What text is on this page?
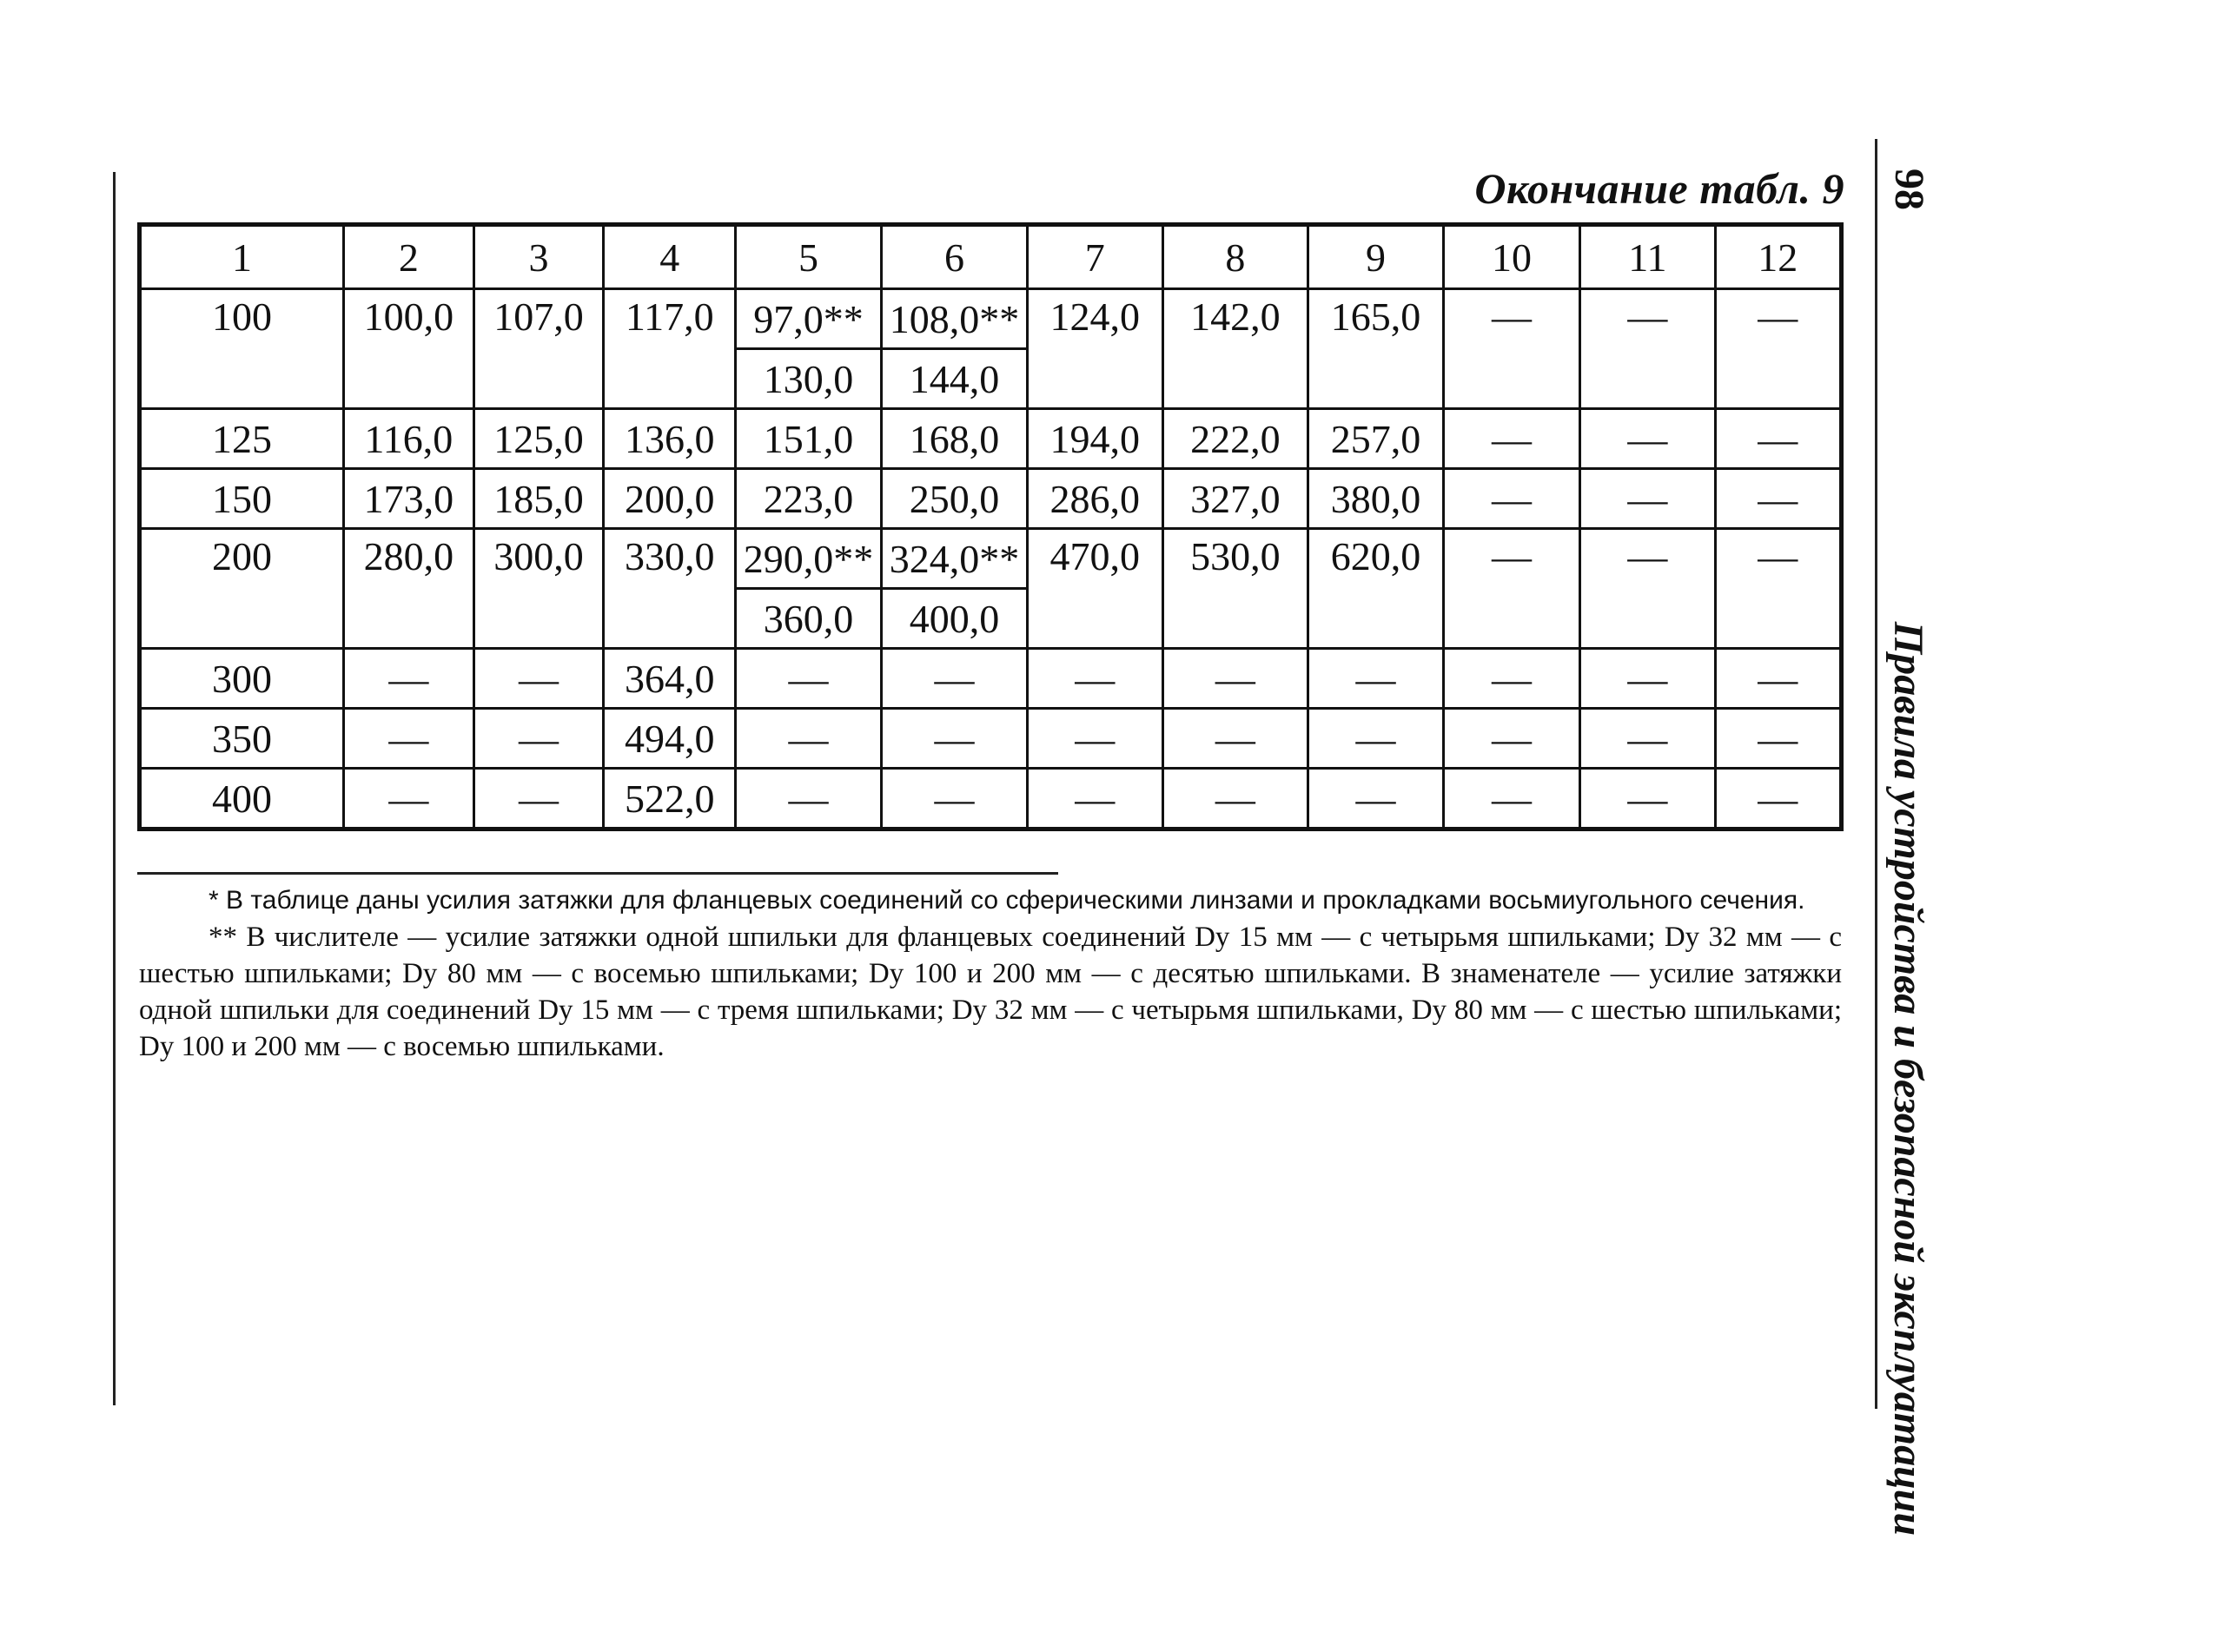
Окончание табл. 9
1	2	3	4	5	6	7	8	9	10	11	12
100	100,0	107,0	117,0	97,0**	108,0**	124,0	142,0	165,0	—	—	—
				130,0	144,0						
125	116,0	125,0	136,0	151,0	168,0	194,0	222,0	257,0	—	—	—
150	173,0	185,0	200,0	223,0	250,0	286,0	327,0	380,0	—	—	—
200	280,0	300,0	330,0	290,0**	324,0**	470,0	530,0	620,0	—	—	—
				360,0	400,0						
300	—	—	364,0	—	—	—	—	—	—	—	—
350	—	—	494,0	—	—	—	—	—	—	—	—
400	—	—	522,0	—	—	—	—	—	—	—	—

* В таблице даны усилия затяжки для фланцевых соединений со сферическими линзами и прокладками восьмиугольного сечения.

** В числителе — усилие затяжки одной шпильки для фланцевых соединений Dу 15 мм — с четырьмя шпильками; Dу 32 мм — с шестью шпильками; Dу 80 мм — с восемью шпильками; Dу 100 и 200 мм — с десятью шпильками. В знаменателе — усилие затяжки одной шпильки для соединений Dу 15 мм — с тремя шпильками; Dу 32 мм — с четырьмя шпильками, Dу 80 мм — с шестью шпильками; Dу 100 и 200 мм — с восемью шпильками.

98
Правила устройства и безопасной эксплуатации
